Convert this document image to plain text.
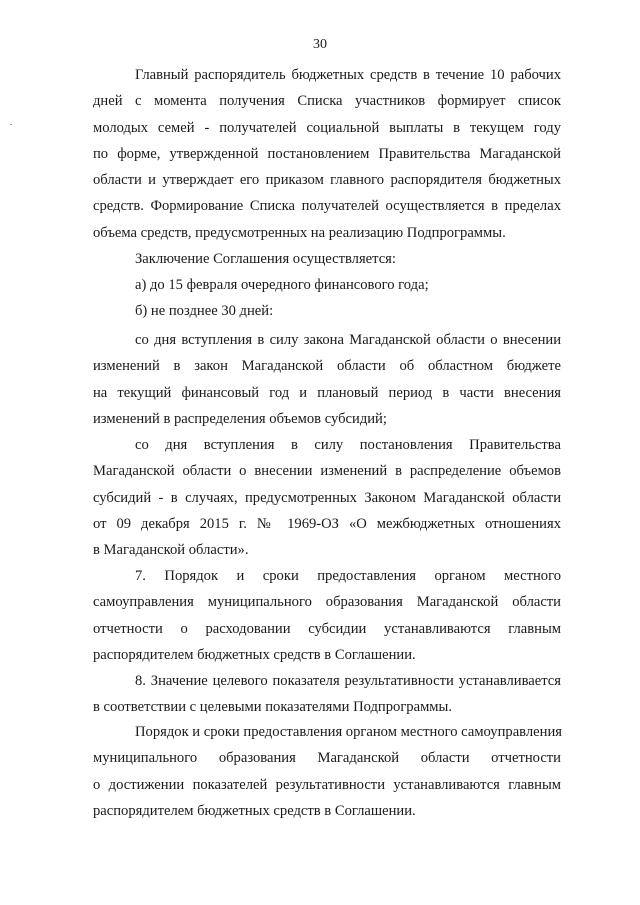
30
Главный распорядитель бюджетных средств в течение 10 рабочих
дней с момента получения Списка участников формирует список
молодых семей - получателей социальной выплаты в текущем году
по форме, утвержденной постановлением Правительства Магаданской
области и утверждает его приказом главного распорядителя бюджетных
средств. Формирование Списка получателей осуществляется в пределах
объема средств, предусмотренных на реализацию Подпрограммы.
Заключение Соглашения осуществляется:
а) до 15 февраля очередного финансового года;
б) не позднее 30 дней:
со дня вступления в силу закона Магаданской области о внесении
изменений в закон Магаданской области об областном бюджете
на текущий финансовый год и плановый период в части внесения
изменений в распределения объемов субсидий;
со дня вступления в силу постановления Правительства
Магаданской области о внесении изменений в распределение объемов
субсидий - в случаях, предусмотренных Законом Магаданской области
от 09 декабря 2015 г. № 1969-ОЗ «О межбюджетных отношениях
в Магаданской области».
7. Порядок и сроки предоставления органом местного
самоуправления муниципального образования Магаданской области
отчетности о расходовании субсидии устанавливаются главным
распорядителем бюджетных средств в Соглашении.
8. Значение целевого показателя результативности устанавливается
в соответствии с целевыми показателями Подпрограммы.
Порядок и сроки предоставления органом местного самоуправления
муниципального образования Магаданской области отчетности
о достижении показателей результативности устанавливаются главным
распорядителем бюджетных средств в Соглашении.
